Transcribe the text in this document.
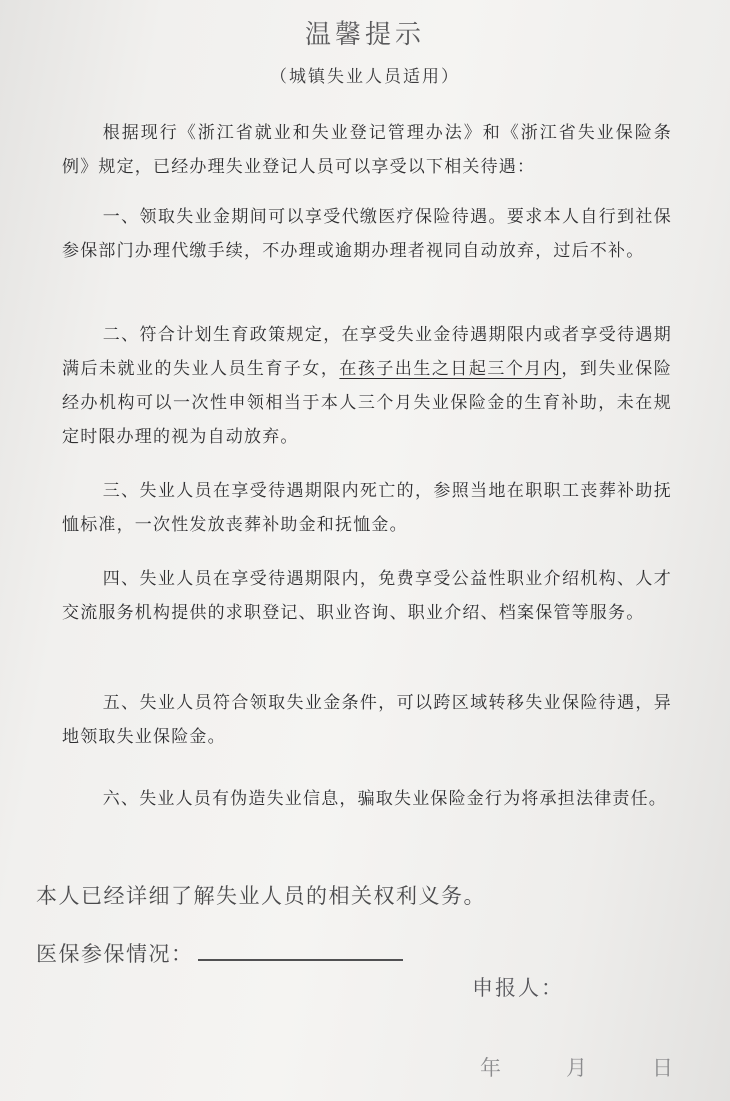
温馨提示

（城镇失业人员适用）

根据现行《浙江省就业和失业登记管理办法》和《浙江省失业保险条例》规定，已经办理失业登记人员可以享受以下相关待遇：

一、领取失业金期间可以享受代缴医疗保险待遇。要求本人自行到社保参保部门办理代缴手续，不办理或逾期办理者视同自动放弃，过后不补。

二、符合计划生育政策规定，在享受失业金待遇期限内或者享受待遇期满后未就业的失业人员生育子女，在孩子出生之日起三个月内，到失业保险经办机构可以一次性申领相当于本人三个月失业保险金的生育补助，未在规定时限办理的视为自动放弃。

三、失业人员在享受待遇期限内死亡的，参照当地在职职工丧葬补助抚恤标准，一次性发放丧葬补助金和抚恤金。

四、失业人员在享受待遇期限内，免费享受公益性职业介绍机构、人才交流服务机构提供的求职登记、职业咨询、职业介绍、档案保管等服务。

五、失业人员符合领取失业金条件，可以跨区域转移失业保险待遇，异地领取失业保险金。

六、失业人员有伪造失业信息，骗取失业保险金行为将承担法律责任。

本人已经详细了解失业人员的相关权利义务。

医保参保情况：
申报人：
年	月	日
